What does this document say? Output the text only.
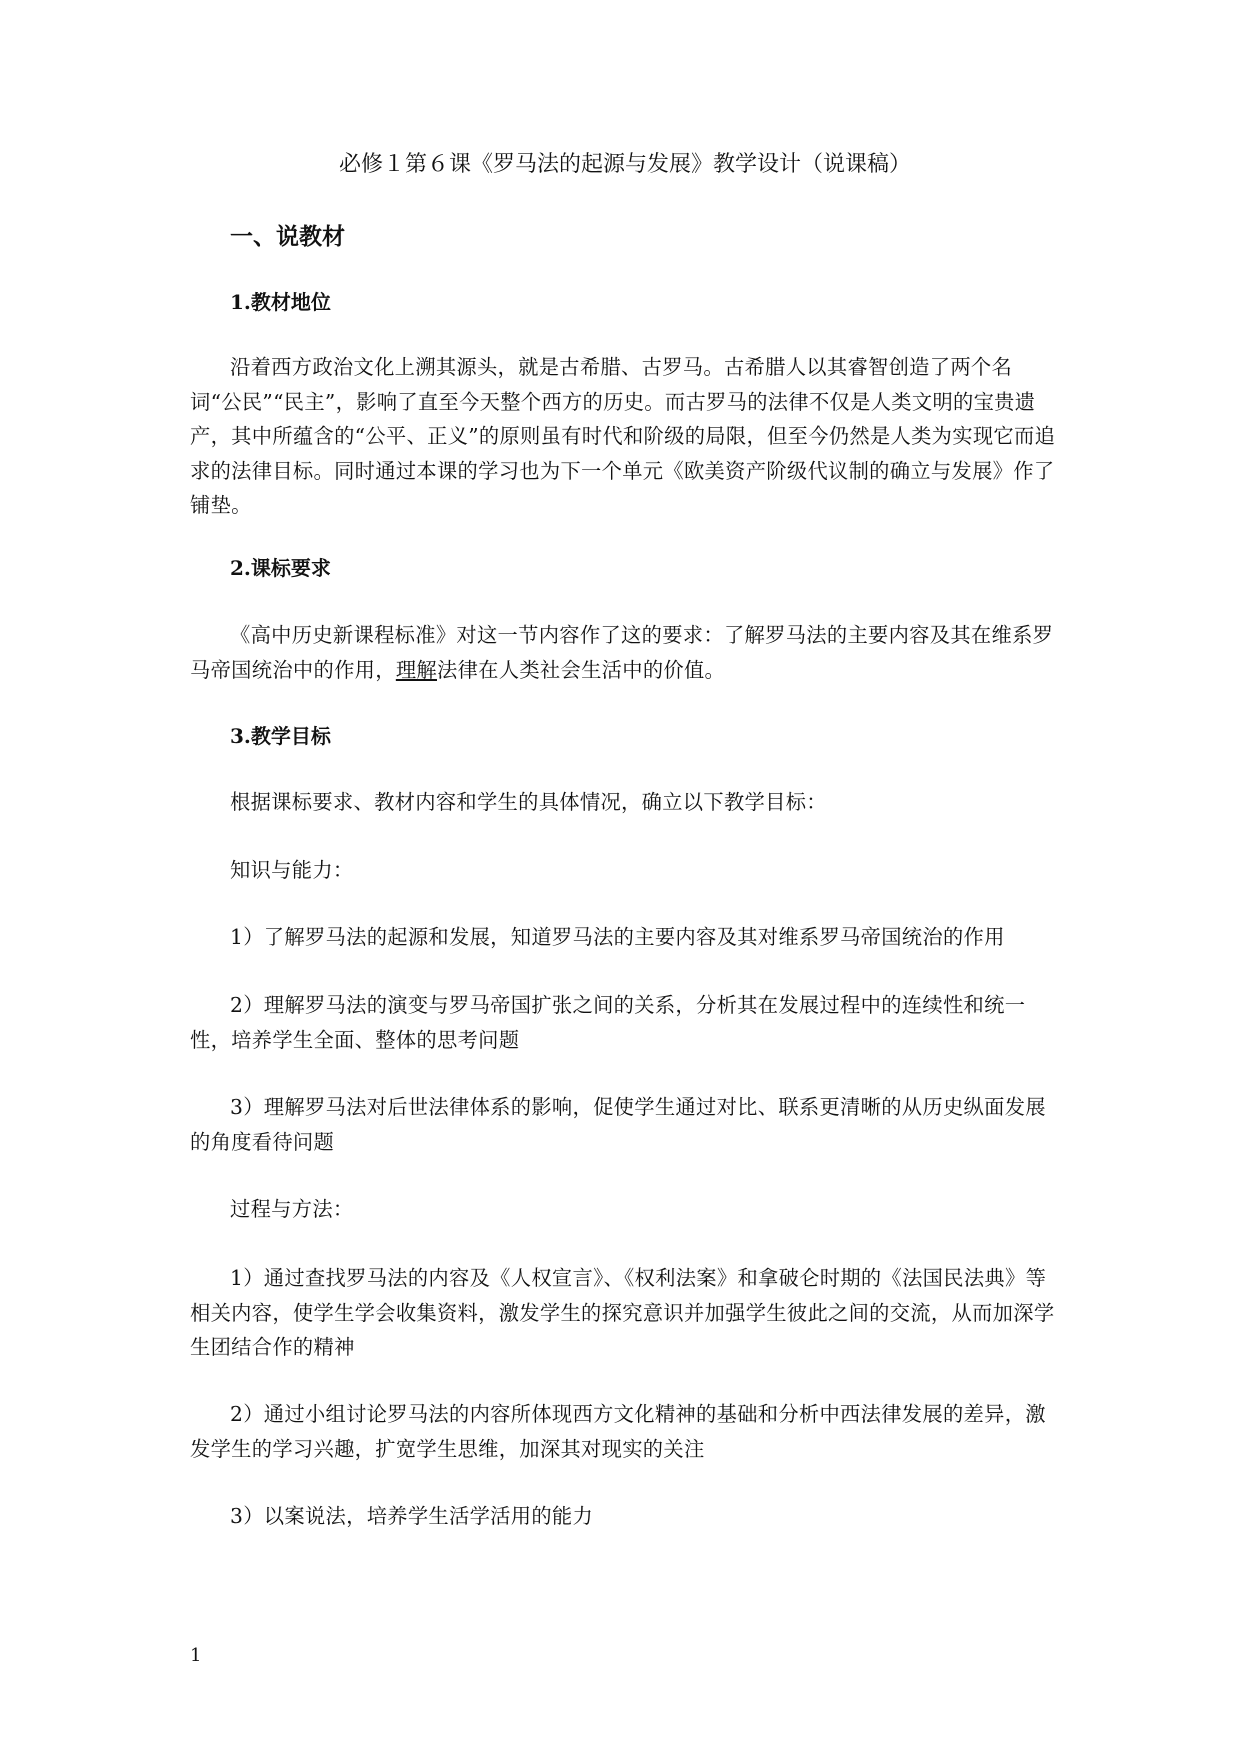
必修１第６课《罗马法的起源与发展》教学设计（说课稿）
一、说教材
1.教材地位

沿着西方政治文化上溯其源头，就是古希腊、古罗马。古希腊人以其睿智创造了两个名词“公民”“民主”，影响了直至今天整个西方的历史。而古罗马的法律不仅是人类文明的宝贵遗产，其中所蕴含的“公平、正义”的原则虽有时代和阶级的局限，但至今仍然是人类为实现它而追求的法律目标。同时通过本课的学习也为下一个单元《欧美资产阶级代议制的确立与发展》作了铺垫。

2.课标要求

《高中历史新课程标准》对这一节内容作了这的要求：了解罗马法的主要内容及其在维系罗马帝国统治中的作用，理解法律在人类社会生活中的价值。

3.教学目标

根据课标要求、教材内容和学生的具体情况，确立以下教学目标：

知识与能力：

1）了解罗马法的起源和发展，知道罗马法的主要内容及其对维系罗马帝国统治的作用

2）理解罗马法的演变与罗马帝国扩张之间的关系，分析其在发展过程中的连续性和统一性，培养学生全面、整体的思考问题

3）理解罗马法对后世法律体系的影响，促使学生通过对比、联系更清晰的从历史纵面发展的角度看待问题

过程与方法：

1）通过查找罗马法的内容及《人权宣言》、《权利法案》和拿破仑时期的《法国民法典》等相关内容，使学生学会收集资料，激发学生的探究意识并加强学生彼此之间的交流，从而加深学生团结合作的精神

2）通过小组讨论罗马法的内容所体现西方文化精神的基础和分析中西法律发展的差异，激发学生的学习兴趣，扩宽学生思维，加深其对现实的关注

3）以案说法，培养学生活学活用的能力

1
